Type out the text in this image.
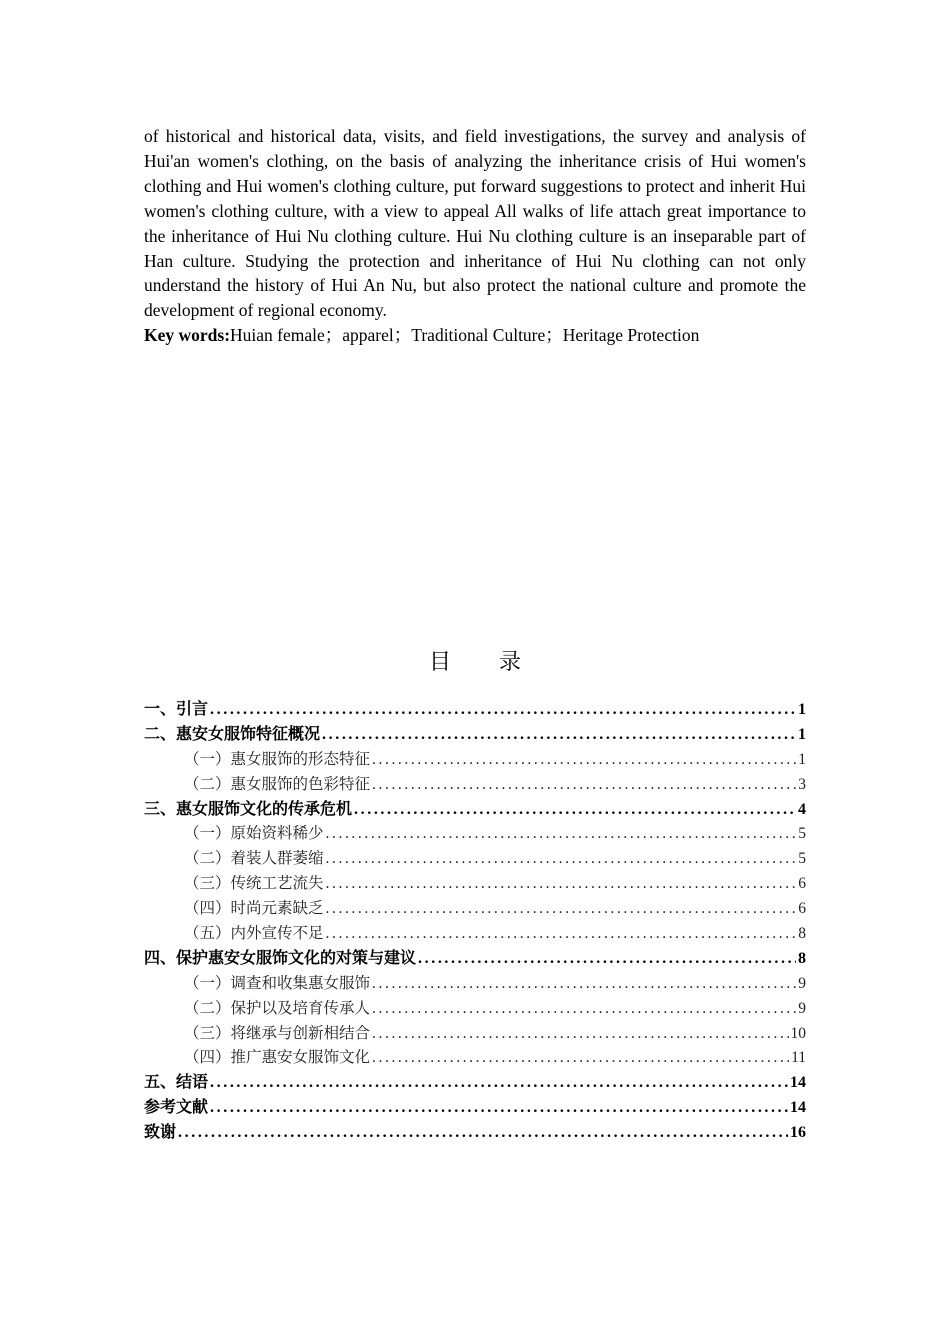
of historical and historical data, visits, and field investigations, the survey and analysis of Hui'an women's clothing, on the basis of analyzing the inheritance crisis of Hui women's clothing and Hui women's clothing culture, put forward suggestions to protect and inherit Hui women's clothing culture, with a view to appeal All walks of life attach great importance to the inheritance of Hui Nu clothing culture. Hui Nu clothing culture is an inseparable part of Han culture. Studying the protection and inheritance of Hui Nu clothing can not only understand the history of Hui An Nu, but also protect the national culture and promote the development of regional economy.

Key words:Huian female；apparel；Traditional Culture；Heritage Protection
目录
一、引言 .....	1
二、惠安女服饰特征概况 .....	1
（一）惠女服饰的形态特征 .....	1
（二）惠女服饰的色彩特征 .....	3
三、惠女服饰文化的传承危机 .....	4
（一）原始资料稀少 .....	5
（二）着装人群萎缩 .....	5
（三）传统工艺流失 .....	6
（四）时尚元素缺乏 .....	6
（五）内外宣传不足 .....	8
四、保护惠安女服饰文化的对策与建议 .....	8
（一）调查和收集惠女服饰 .....	9
（二）保护以及培育传承人 .....	9
（三）将继承与创新相结合 .....	10
（四）推广惠安女服饰文化 .....	11
五、结语 .....	14
参考文献 .....	14
致谢 .....	16
